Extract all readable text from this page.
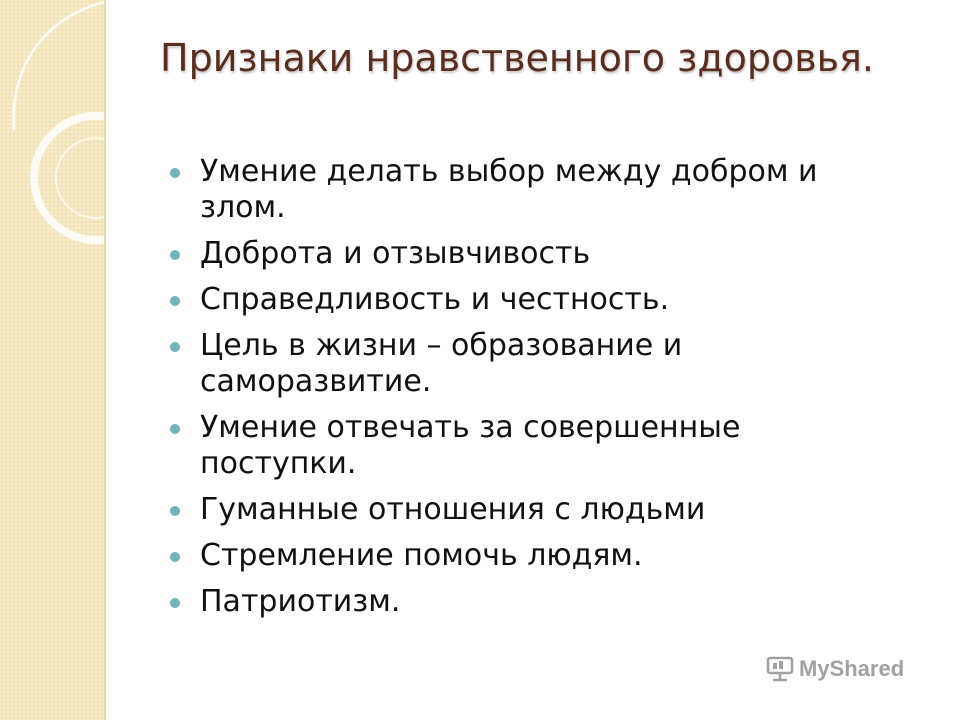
Признаки нравственного здоровья.
Умение делать выбор между добром и злом.
Доброта и отзывчивость
Справедливость и честность.
Цель в жизни – образование и саморазвитие.
Умение отвечать за совершенные поступки.
Гуманные отношения с людьми
Стремление помочь людям.
Патриотизм.
MyShared
